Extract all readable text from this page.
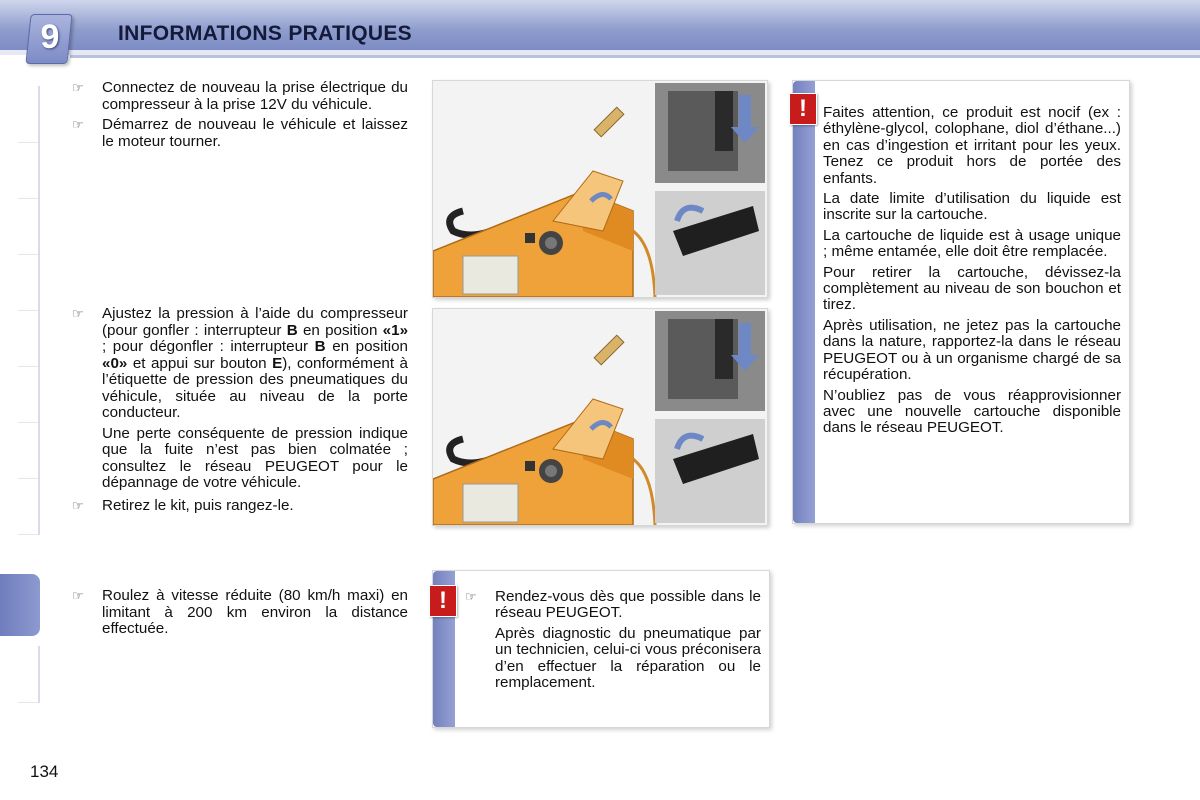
9	INFORMATIONS PRATIQUES
☞ Connectez de nouveau la prise électrique du compresseur à la prise 12V du véhicule.
☞ Démarrez de nouveau le véhicule et laissez le moteur tourner.
☞ Ajustez la pression à l’aide du compresseur (pour gonfler : interrupteur B en position «1» ; pour dégonfler : interrupteur B en position «0» et appui sur bouton E), conformément à l’étiquette de pression des pneumatiques du véhicule, située au niveau de la porte conducteur.
Une perte conséquente de pression indique que la fuite n’est pas bien colmatée ; consultez le réseau PEUGEOT pour le dépannage de votre véhicule.
☞ Retirez le kit, puis rangez-le.
☞ Roulez à vitesse réduite (80 km/h maxi) en limitant à 200 km environ la distance effectuée.
!	Faites attention, ce produit est nocif (ex : éthylène-glycol, colophane, diol d’éthane...) en cas d’ingestion et irritant pour les yeux. Tenez ce produit hors de portée des enfants.

La date limite d’utilisation du liquide est inscrite sur la cartouche.

La cartouche de liquide est à usage unique ; même entamée, elle doit être remplacée.

Pour retirer la cartouche, dévissez-la complètement au niveau de son bouchon et tirez.

Après utilisation, ne jetez pas la cartouche dans la nature, rapportez-la dans le réseau PEUGEOT ou à un organisme chargé de sa récupération.

N’oubliez pas de vous réapprovisionner avec une nouvelle cartouche disponible dans le réseau PEUGEOT.

!	☞ Rendez-vous dès que possible dans le réseau PEUGEOT.
Après diagnostic du pneumatique par un technicien, celui-ci vous préconisera d’en effectuer la réparation ou le remplacement.
134
